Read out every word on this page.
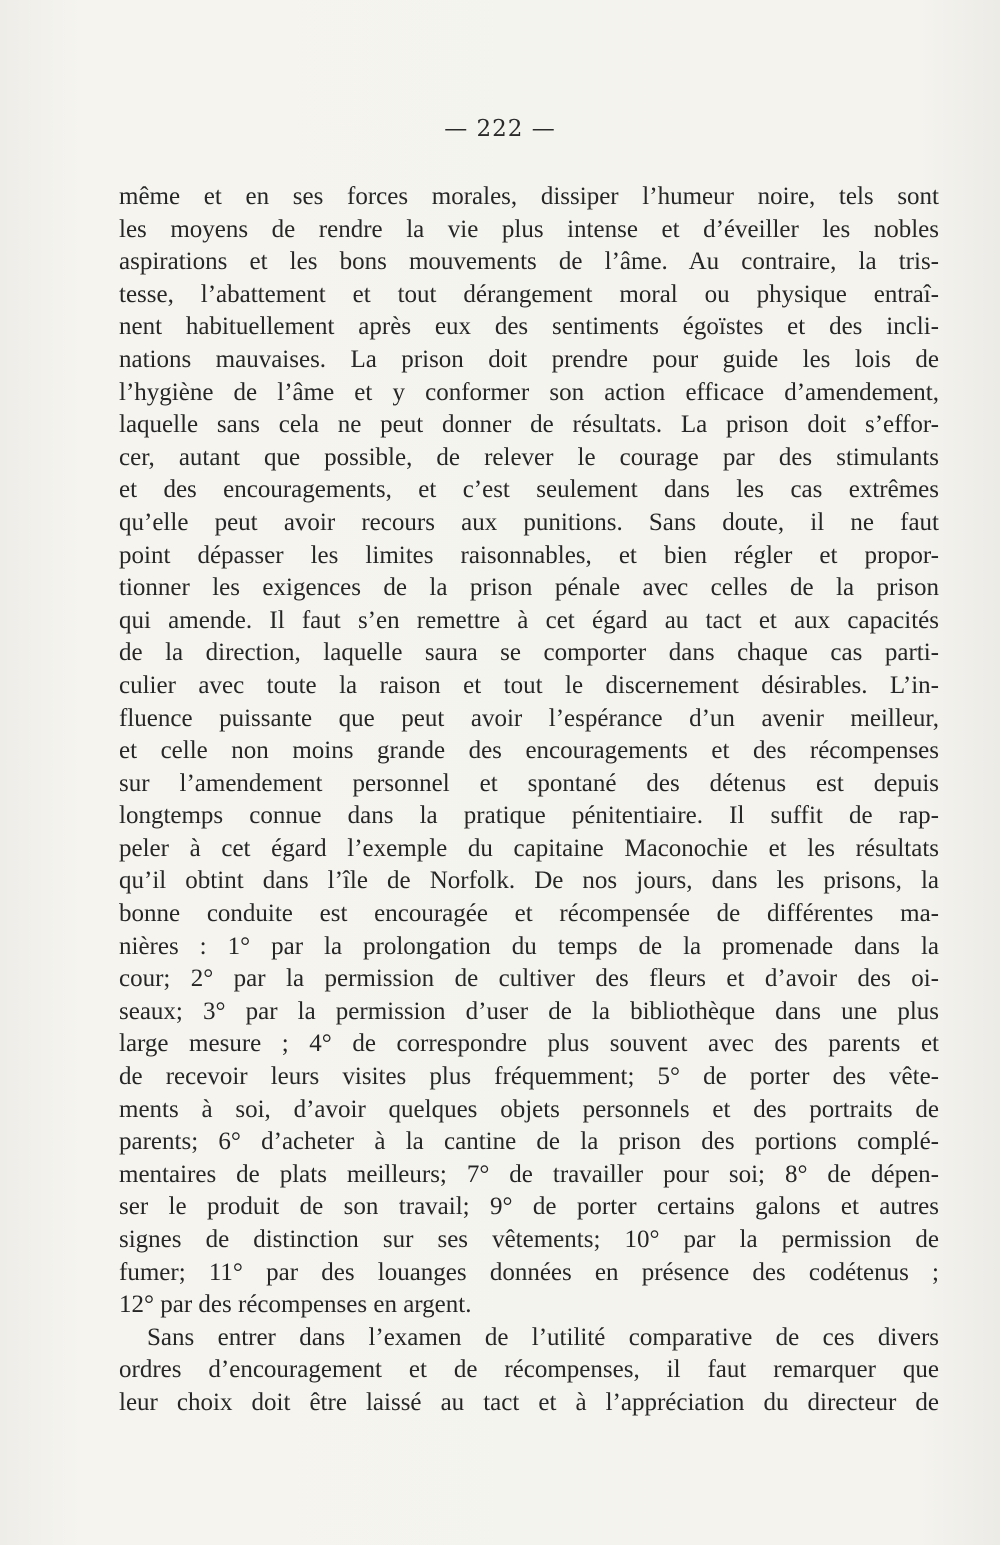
— 222 —
même et en ses forces morales, dissiper l’humeur noire, tels sont
les moyens de rendre la vie plus intense et d’éveiller les nobles
aspirations et les bons mouvements de l’âme. Au contraire, la tris-
tesse, l’abattement et tout dérangement moral ou physique entraî-
nent habituellement après eux des sentiments égoïstes et des incli-
nations mauvaises. La prison doit prendre pour guide les lois de
l’hygiène de l’âme et y conformer son action efficace d’amendement,
laquelle sans cela ne peut donner de résultats. La prison doit s’effor-
cer, autant que possible, de relever le courage par des stimulants
et des encouragements, et c’est seulement dans les cas extrêmes
qu’elle peut avoir recours aux punitions. Sans doute, il ne faut
point dépasser les limites raisonnables, et bien régler et propor-
tionner les exigences de la prison pénale avec celles de la prison
qui amende. Il faut s’en remettre à cet égard au tact et aux capacités
de la direction, laquelle saura se comporter dans chaque cas parti-
culier avec toute la raison et tout le discernement désirables. L’in-
fluence puissante que peut avoir l’espérance d’un avenir meilleur,
et celle non moins grande des encouragements et des récompenses
sur l’amendement personnel et spontané des détenus est depuis
longtemps connue dans la pratique pénitentiaire. Il suffit de rap-
peler à cet égard l’exemple du capitaine Maconochie et les résultats
qu’il obtint dans l’île de Norfolk. De nos jours, dans les prisons, la
bonne conduite est encouragée et récompensée de différentes ma-
nières : 1° par la prolongation du temps de la promenade dans la
cour; 2° par la permission de cultiver des fleurs et d’avoir des oi-
seaux; 3° par la permission d’user de la bibliothèque dans une plus
large mesure ; 4° de correspondre plus souvent avec des parents et
de recevoir leurs visites plus fréquemment; 5° de porter des vête-
ments à soi, d’avoir quelques objets personnels et des portraits de
parents; 6° d’acheter à la cantine de la prison des portions complé-
mentaires de plats meilleurs; 7° de travailler pour soi; 8° de dépen-
ser le produit de son travail; 9° de porter certains galons et autres
signes de distinction sur ses vêtements; 10° par la permission de
fumer; 11° par des louanges données en présence des codétenus ;
12° par des récompenses en argent.
Sans entrer dans l’examen de l’utilité comparative de ces divers
ordres d’encouragement et de récompenses, il faut remarquer que
leur choix doit être laissé au tact et à l’appréciation du directeur de
